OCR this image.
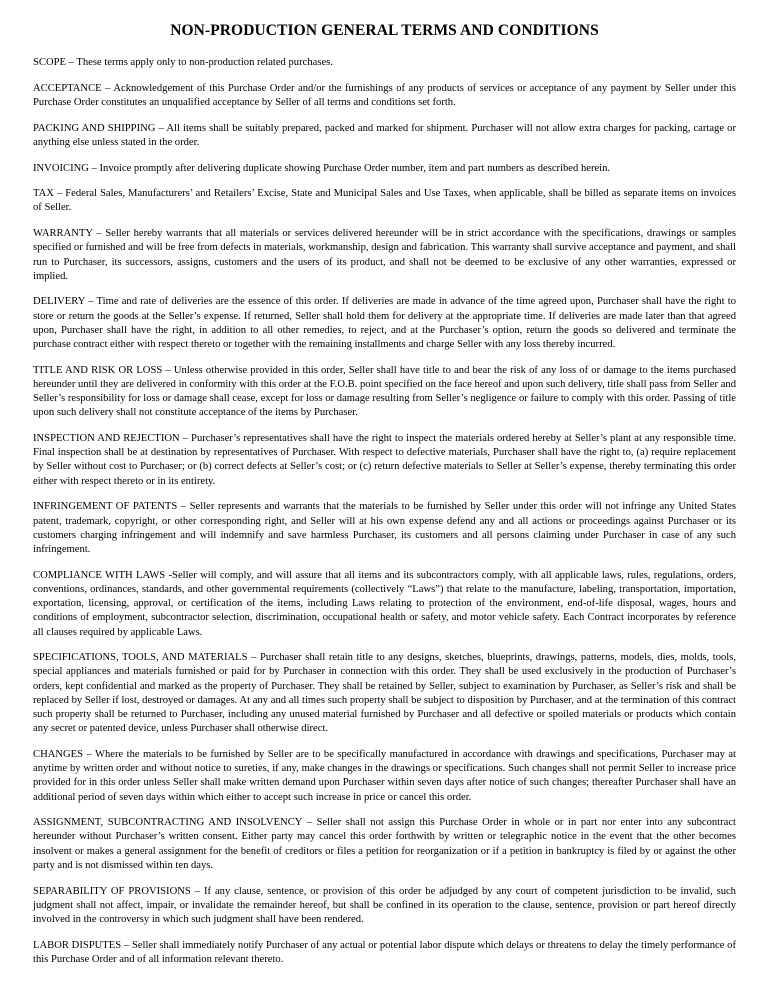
NON-PRODUCTION GENERAL TERMS AND CONDITIONS

SCOPE – These terms apply only to non-production related purchases.

ACCEPTANCE – Acknowledgement of this Purchase Order and/or the furnishings of any products of services or acceptance of any payment by Seller under this Purchase Order constitutes an unqualified acceptance by Seller of all terms and conditions set forth.

PACKING AND SHIPPING – All items shall be suitably prepared, packed and marked for shipment. Purchaser will not allow extra charges for packing, cartage or anything else unless stated in the order.

INVOICING – Invoice promptly after delivering duplicate showing Purchase Order number, item and part numbers as described herein.

TAX – Federal Sales, Manufacturers’ and Retailers’ Excise, State and Municipal Sales and Use Taxes, when applicable, shall be billed as separate items on invoices of Seller.

WARRANTY – Seller hereby warrants that all materials or services delivered hereunder will be in strict accordance with the specifications, drawings or samples specified or furnished and will be free from defects in materials, workmanship, design and fabrication. This warranty shall survive acceptance and payment, and shall run to Purchaser, its successors, assigns, customers and the users of its product, and shall not be deemed to be exclusive of any other warranties, expressed or implied.

DELIVERY – Time and rate of deliveries are the essence of this order. If deliveries are made in advance of the time agreed upon, Purchaser shall have the right to store or return the goods at the Seller’s expense. If returned, Seller shall hold them for delivery at the appropriate time. If deliveries are made later than that agreed upon, Purchaser shall have the right, in addition to all other remedies, to reject, and at the Purchaser’s option, return the goods so delivered and terminate the purchase contract either with respect thereto or together with the remaining installments and charge Seller with any loss thereby incurred.

TITLE AND RISK OR LOSS – Unless otherwise provided in this order, Seller shall have title to and bear the risk of any loss of or damage to the items purchased hereunder until they are delivered in conformity with this order at the F.O.B. point specified on the face hereof and upon such delivery, title shall pass from Seller and Seller’s responsibility for loss or damage shall cease, except for loss or damage resulting from Seller’s negligence or failure to comply with this order. Passing of title upon such delivery shall not constitute acceptance of the items by Purchaser.

INSPECTION AND REJECTION – Purchaser’s representatives shall have the right to inspect the materials ordered hereby at Seller’s plant at any responsible time. Final inspection shall be at destination by representatives of Purchaser. With respect to defective materials, Purchaser shall have the right to, (a) require replacement by Seller without cost to Purchaser; or (b) correct defects at Seller’s cost; or (c) return defective materials to Seller at Seller’s expense, thereby terminating this order either with respect thereto or in its entirety.

INFRINGEMENT OF PATENTS – Seller represents and warrants that the materials to be furnished by Seller under this order will not infringe any United States patent, trademark, copyright, or other corresponding right, and Seller will at his own expense defend any and all actions or proceedings against Purchaser or its customers charging infringement and will indemnify and save harmless Purchaser, its customers and all persons claiming under Purchaser in case of any such infringement.

COMPLIANCE WITH LAWS -Seller will comply, and will assure that all items and its subcontractors comply, with all applicable laws, rules, regulations, orders, conventions, ordinances, standards, and other governmental requirements (collectively “Laws”) that relate to the manufacture, labeling, transportation, importation, exportation, licensing, approval, or certification of the items, including Laws relating to protection of the environment, end-of-life disposal, wages, hours and conditions of employment, subcontractor selection, discrimination, occupational health or safety, and motor vehicle safety. Each Contract incorporates by reference all clauses required by applicable Laws.

SPECIFICATIONS, TOOLS, AND MATERIALS – Purchaser shall retain title to any designs, sketches, blueprints, drawings, patterns, models, dies, molds, tools, special appliances and materials furnished or paid for by Purchaser in connection with this order. They shall be used exclusively in the production of Purchaser’s orders, kept confidential and marked as the property of Purchaser. They shall be retained by Seller, subject to examination by Purchaser, as Seller’s risk and shall be replaced by Seller if lost, destroyed or damages. At any and all times such property shall be subject to disposition by Purchaser, and at the termination of this contract such property shall be returned to Purchaser, including any unused material furnished by Purchaser and all defective or spoiled materials or products which contain any secret or patented device, unless Purchaser shall otherwise direct.

CHANGES – Where the materials to be furnished by Seller are to be specifically manufactured in accordance with drawings and specifications, Purchaser may at anytime by written order and without notice to sureties, if any, make changes in the drawings or specifications. Such changes shall not permit Seller to increase price provided for in this order unless Seller shall make written demand upon Purchaser within seven days after notice of such changes; thereafter Purchaser shall have an additional period of seven days within which either to accept such increase in price or cancel this order.

ASSIGNMENT, SUBCONTRACTING AND INSOLVENCY – Seller shall not assign this Purchase Order in whole or in part nor enter into any subcontract hereunder without Purchaser’s written consent. Either party may cancel this order forthwith by written or telegraphic notice in the event that the other becomes insolvent or makes a general assignment for the benefit of creditors or files a petition for reorganization or if a petition in bankruptcy is filed by or against the other party and is not dismissed within ten days.

SEPARABILITY OF PROVISIONS – If any clause, sentence, or provision of this order be adjudged by any court of competent jurisdiction to be invalid, such judgment shall not affect, impair, or invalidate the remainder hereof, but shall be confined in its operation to the clause, sentence, provision or part hereof directly involved in the controversy in which such judgment shall have been rendered.

LABOR DISPUTES – Seller shall immediately notify Purchaser of any actual or potential labor dispute which delays or threatens to delay the timely performance of this Purchase Order and of all information relevant thereto.
